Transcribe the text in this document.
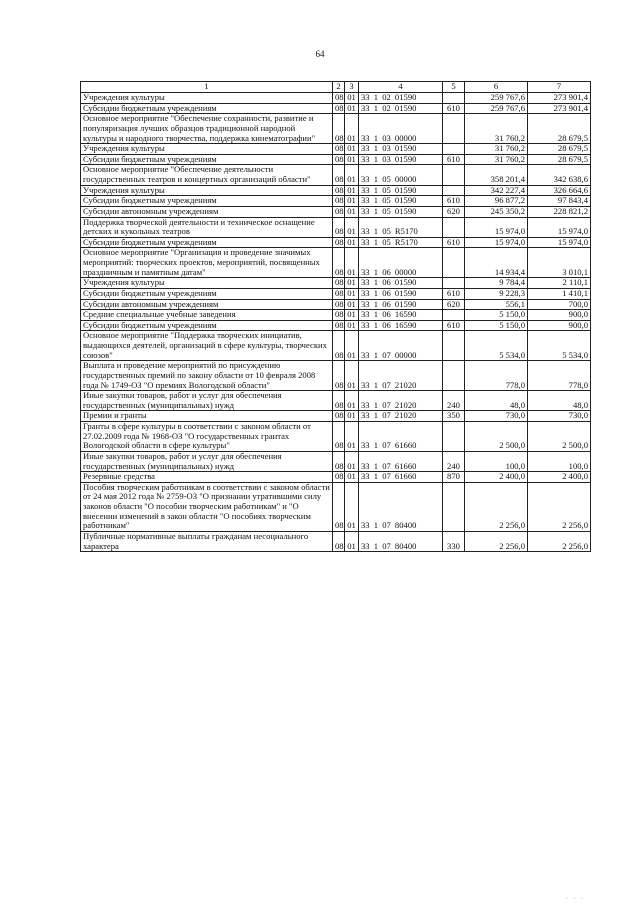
64
1	2	3	4	5	6	7
Учреждения культуры	08	01	33 1 02 01590		259 767,6	273 901,4
Субсидии бюджетным учреждениям	08	01	33 1 02 01590	610	259 767,6	273 901,4
Основное мероприятие "Обеспечение сохранности, развитие и популяризация лучших образцов традиционной народной культуры и народного творчества, поддержка кинематографии"	08	01	33 1 03 00000		31 760,2	28 679,5
Учреждения культуры	08	01	33 1 03 01590		31 760,2	28 679,5
Субсидии бюджетным учреждениям	08	01	33 1 03 01590	610	31 760,2	28 679,5
Основное мероприятие "Обеспечение деятельности государственных театров и концертных организаций области"	08	01	33 1 05 00000		358 201,4	342 638,6
Учреждения культуры	08	01	33 1 05 01590		342 227,4	326 664,6
Субсидии бюджетным учреждениям	08	01	33 1 05 01590	610	96 877,2	97 843,4
Субсидии автономным учреждениям	08	01	33 1 05 01590	620	245 350,2	228 821,2
Поддержка творческой деятельности и техническое оснащение детских и кукольных театров	08	01	33 1 05 R5170		15 974,0	15 974,0
Субсидии бюджетным учреждениям	08	01	33 1 05 R5170	610	15 974,0	15 974,0
Основное мероприятие "Организация и проведение значимых мероприятий: творческих проектов, мероприятий, посвященных праздничным и памятным датам"	08	01	33 1 06 00000		14 934,4	3 010,1
Учреждения культуры	08	01	33 1 06 01590		9 784,4	2 110,1
Субсидии бюджетным учреждениям	08	01	33 1 06 01590	610	9 228,3	1 410,1
Субсидии автономным учреждениям	08	01	33 1 06 01590	620	556,1	700,0
Средние специальные учебные заведения	08	01	33 1 06 16590		5 150,0	900,0
Субсидии бюджетным учреждениям	08	01	33 1 06 16590	610	5 150,0	900,0
Основное мероприятие "Поддержка творческих инициатив, выдающихся деятелей, организаций в сфере культуры, творческих союзов"	08	01	33 1 07 00000		5 534,0	5 534,0
Выплата и проведение мероприятий по присуждению государственных премий по закону области от 10 февраля 2008 года № 1749-ОЗ "О премиях Вологодской области"	08	01	33 1 07 21020		778,0	778,0
Иные закупки товаров, работ и услуг для обеспечения государственных (муниципальных) нужд	08	01	33 1 07 21020	240	48,0	48,0
Премии и гранты	08	01	33 1 07 21020	350	730,0	730,0
Гранты в сфере культуры в соответствии с законом области от 27.02.2009 года № 1968-ОЗ "О государственных грантах Вологодской области в сфере культуры"	08	01	33 1 07 61660		2 500,0	2 500,0
Иные закупки товаров, работ и услуг для обеспечения государственных (муниципальных) нужд	08	01	33 1 07 61660	240	100,0	100,0
Резервные средства	08	01	33 1 07 61660	870	2 400,0	2 400,0
Пособия творческим работникам в соответствии с законом области от 24 мая 2012 года № 2759-ОЗ "О признании утратившими силу законов области "О пособии творческим работникам" и "О внесении изменений в закон области "О пособиях творческим работникам"	08	01	33 1 07 80400		2 256,0	2 256,0
Публичные нормативные выплаты гражданам несоциального характера	08	01	33 1 07 80400	330	2 256,0	2 256,0
· · ·
